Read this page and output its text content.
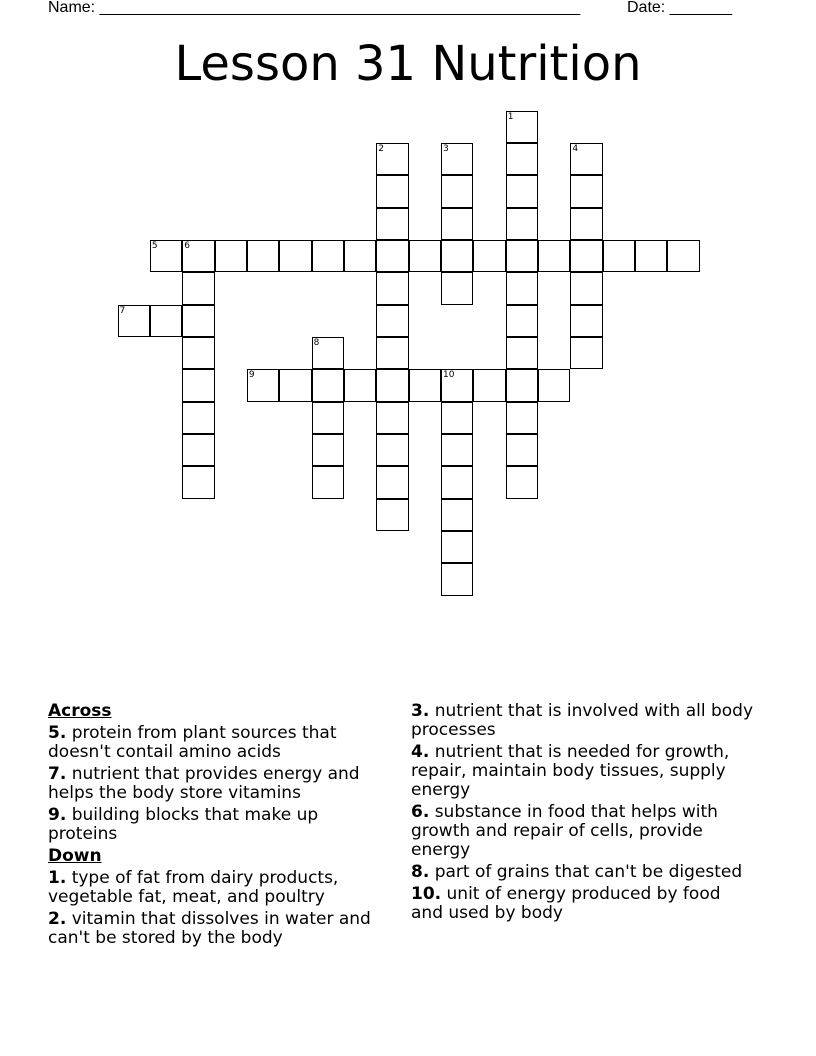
Name: ______________________________________________________	Date: _______
Lesson 31 Nutrition
5	6
7
9	10
1
2	3	4
8
Across
5. protein from plant sources that doesn't contail amino acids
7. nutrient that provides energy and helps the body store vitamins
9. building blocks that make up proteins
Down
1. type of fat from dairy products, vegetable fat, meat, and poultry
2. vitamin that dissolves in water and can't be stored by the body
3. nutrient that is involved with all body processes
4. nutrient that is needed for growth, repair, maintain body tissues, supply energy
6. substance in food that helps with growth and repair of cells, provide energy
8. part of grains that can't be digested
10. unit of energy produced by food and used by body
